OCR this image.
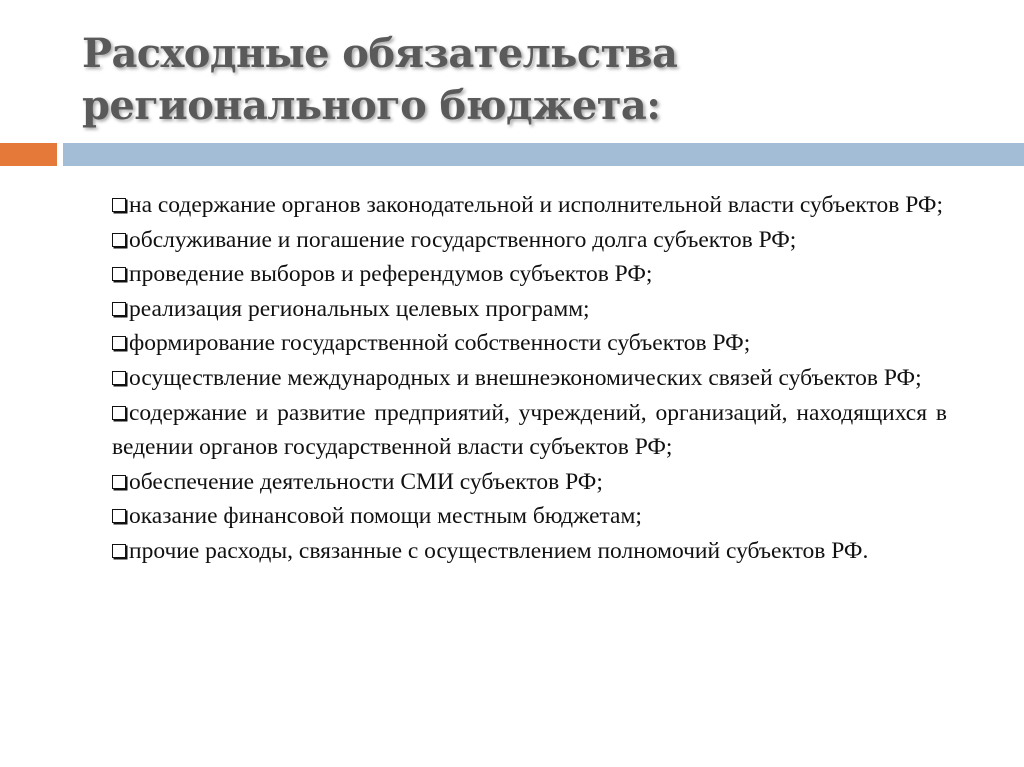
Расходные обязательства
регионального бюджета:
на содержание органов законодательной и исполнительной власти субъектов РФ;
обслуживание и погашение государственного долга субъектов РФ;
проведение выборов и референдумов субъектов РФ;
реализация региональных целевых программ;
формирование государственной собственности субъектов РФ;
осуществление международных и внешнеэкономических связей субъектов РФ;
содержание и развитие предприятий, учреждений, организаций, находящихся в ведении органов государственной власти субъектов РФ;
обеспечение деятельности СМИ субъектов РФ;
оказание финансовой помощи местным бюджетам;
прочие расходы, связанные с осуществлением полномочий субъектов РФ.
